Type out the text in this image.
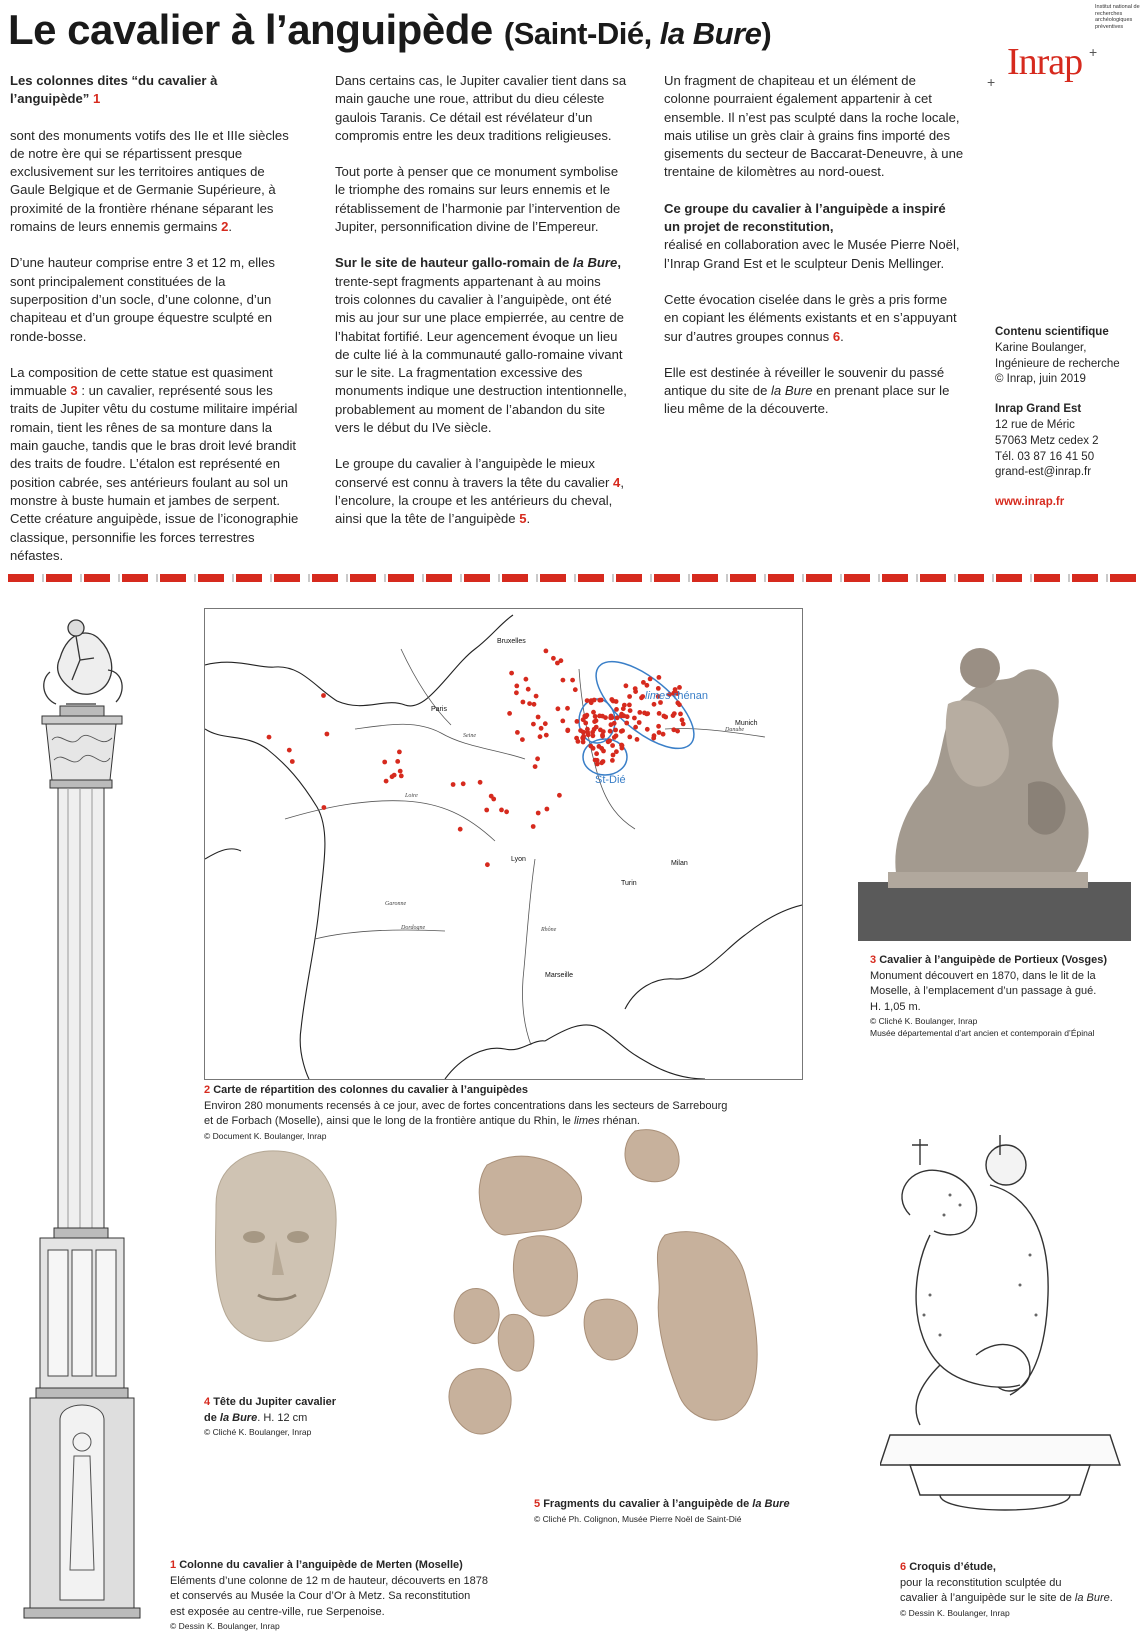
Le cavalier à l’anguipède (Saint-Dié, la Bure)
Institut national de recherches archéologiques préventives
Inrap
+
+

Les colonnes dites “du cavalier à l’anguipède” 1

sont des monuments votifs des IIe et IIIe siècles de notre ère qui se répartissent presque exclusivement sur les territoires antiques de Gaule Belgique et de Germanie Supérieure, à proximité de la frontière rhénane séparant les romains de leurs ennemis germains 2.

D’une hauteur comprise entre 3 et 12 m, elles sont principalement constituées de la superposition d’un socle, d’une colonne, d’un chapiteau et d’un groupe équestre sculpté en ronde-bosse.

La composition de cette statue est quasiment immuable 3 : un cavalier, représenté sous les traits de Jupiter vêtu du costume militaire impérial romain, tient les rênes de sa monture dans la main gauche, tandis que le bras droit levé brandit des traits de foudre. L’étalon est représenté en position cabrée, ses antérieurs foulant au sol un monstre à buste humain et jambes de serpent. Cette créature anguipède, issue de l’iconographie classique, personnifie les forces terrestres néfastes.

Dans certains cas, le Jupiter cavalier tient dans sa main gauche une roue, attribut du dieu céleste gaulois Taranis. Ce détail est révélateur d’un compromis entre les deux traditions religieuses.

Tout porte à penser que ce monument symbolise le triomphe des romains sur leurs ennemis et le rétablissement de l’harmonie par l’intervention de Jupiter, personnification divine de l’Empereur.

Sur le site de hauteur gallo-romain de la Bure,
trente-sept fragments appartenant à au moins trois colonnes du cavalier à l’anguipède, ont été mis au jour sur une place empierrée, au centre de l’habitat fortifié. Leur agencement évoque un lieu de culte lié à la communauté gallo-romaine vivant sur le site. La fragmentation excessive des monuments indique une destruction intentionnelle, probablement au moment de l’abandon du site vers le début du IVe siècle.

Le groupe du cavalier à l’anguipède le mieux conservé est connu à travers la tête du cavalier 4, l’encolure, la croupe et les antérieurs du cheval, ainsi que la tête de l’anguipède 5.

Un fragment de chapiteau et un élément de colonne pourraient également appartenir à cet ensemble. Il n’est pas sculpté dans la roche locale, mais utilise un grès clair à grains fins importé des gisements du secteur de Baccarat-Deneuvre, à une trentaine de kilomètres au nord-ouest.

Ce groupe du cavalier à l’anguipède a inspiré un projet de reconstitution,
réalisé en collaboration avec le Musée Pierre Noël, l’Inrap Grand Est et le sculpteur Denis Mellinger.

Cette évocation ciselée dans le grès a pris forme en copiant les éléments existants et en s’appuyant sur d’autres groupes connus 6.

Elle est destinée à réveiller le souvenir du passé antique du site de la Bure en prenant place sur le lieu même de la découverte.

Contenu scientifique
Karine Boulanger,
Ingénieure de recherche
© Inrap, juin 2019

Inrap Grand Est
12 rue de Méric
57063 Metz cedex 2
Tél. 03 87 16 41 50
grand-est@inrap.fr

www.inrap.fr
Bruxelles
Paris
Munich
Lyon
Milan
Turin
Marseille
Seine
Loire
Rhône
Garonne
Dordogne
Danube
limes rhénan
St-Dié
2 Carte de répartition des colonnes du cavalier à l’anguipèdes
Environ 280 monuments recensés à ce jour, avec de fortes concentrations dans les secteurs de Sarrebourg
et de Forbach (Moselle), ainsi que le long de la frontière antique du Rhin, le limes rhénan.
© Document K. Boulanger, Inrap
3 Cavalier à l’anguipède de Portieux (Vosges)
Monument découvert en 1870, dans le lit de la
Moselle, à l’emplacement d’un passage à gué.
H. 1,05 m.
© Cliché K. Boulanger, Inrap
Musée départemental d’art ancien et contemporain d’Épinal
4 Tête du Jupiter cavalier
de la Bure. H. 12 cm
© Cliché K. Boulanger, Inrap
5 Fragments du cavalier à l’anguipède de la Bure
© Cliché Ph. Colignon, Musée Pierre Noël de Saint-Dié
1 Colonne du cavalier à l’anguipède de Merten (Moselle)
Eléments d’une colonne de 12 m de hauteur, découverts en 1878
et conservés au Musée la Cour d’Or à Metz. Sa reconstitution
est exposée au centre-ville, rue Serpenoise.
© Dessin K. Boulanger, Inrap
6 Croquis d’étude,
pour la reconstitution sculptée du
cavalier à l’anguipède sur le site de la Bure.
© Dessin K. Boulanger, Inrap
